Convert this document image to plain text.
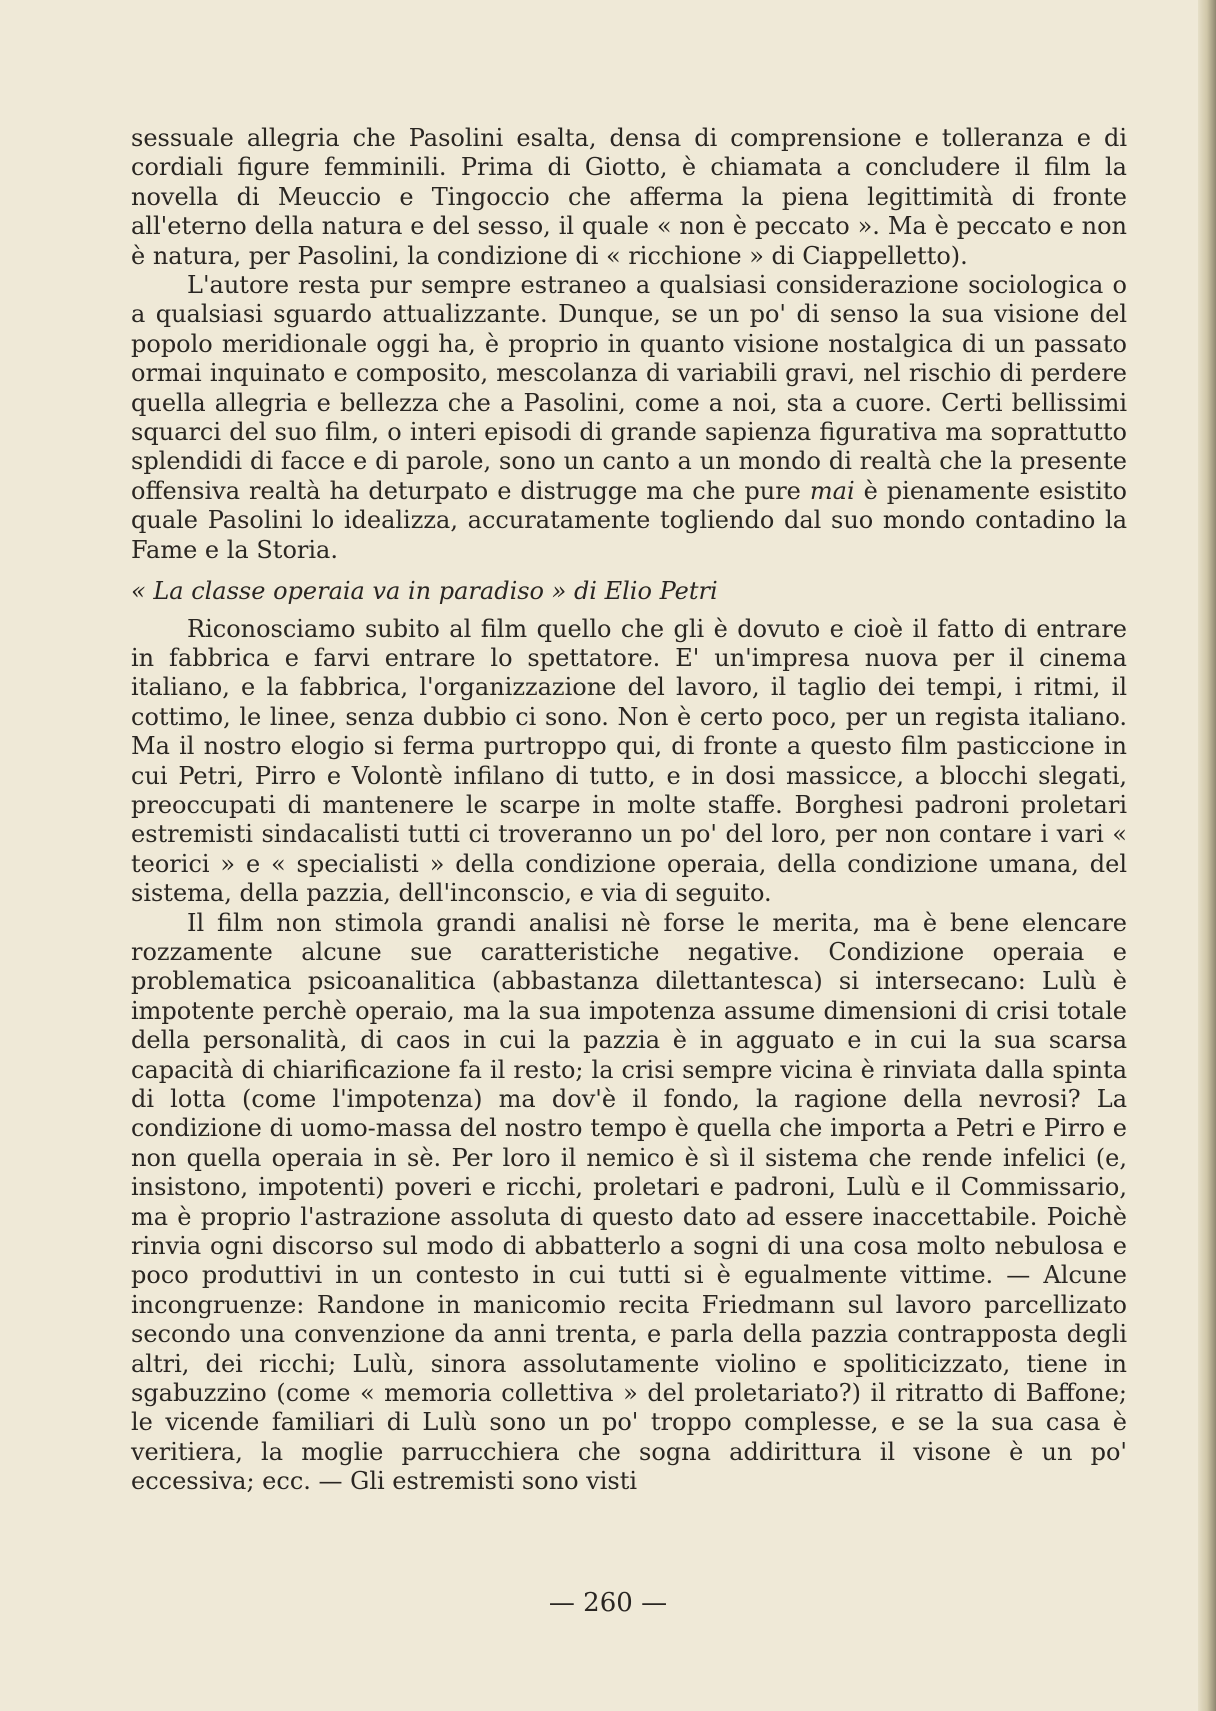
sessuale allegria che Pasolini esalta, densa di comprensione e tolleranza e di cordiali figure femminili. Prima di Giotto, è chiamata a concludere il film la novella di Meuccio e Tingoccio che afferma la piena legittimità di fronte all'eterno della natura e del sesso, il quale « non è peccato ». Ma è peccato e non è natura, per Pasolini, la condizione di « ricchione » di Ciappelletto).

L'autore resta pur sempre estraneo a qualsiasi considerazione sociologica o a qualsiasi sguardo attualizzante. Dunque, se un po' di senso la sua visione del popolo meridionale oggi ha, è proprio in quanto visione nostalgica di un passato ormai inquinato e composito, mescolanza di variabili gravi, nel rischio di perdere quella allegria e bellezza che a Pasolini, come a noi, sta a cuore. Certi bellissimi squarci del suo film, o interi episodi di grande sapienza figurativa ma soprattutto splendidi di facce e di parole, sono un canto a un mondo di realtà che la presente offensiva realtà ha deturpato e distrugge ma che pure mai è pienamente esistito quale Pasolini lo idealizza, accuratamente togliendo dal suo mondo contadino la Fame e la Storia.

« La classe operaia va in paradiso » di Elio Petri

Riconosciamo subito al film quello che gli è dovuto e cioè il fatto di entrare in fabbrica e farvi entrare lo spettatore. E' un'impresa nuova per il cinema italiano, e la fabbrica, l'organizzazione del lavoro, il taglio dei tempi, i ritmi, il cottimo, le linee, senza dubbio ci sono. Non è certo poco, per un regista italiano. Ma il nostro elogio si ferma purtroppo qui, di fronte a questo film pasticcione in cui Petri, Pirro e Volontè infilano di tutto, e in dosi massicce, a blocchi slegati, preoccupati di mantenere le scarpe in molte staffe. Borghesi padroni proletari estremisti sindacalisti tutti ci troveranno un po' del loro, per non contare i vari « teorici » e « specialisti » della condizione operaia, della condizione umana, del sistema, della pazzia, dell'inconscio, e via di seguito.

Il film non stimola grandi analisi nè forse le merita, ma è bene elencare rozzamente alcune sue caratteristiche negative. Condizione operaia e problematica psicoanalitica (abbastanza dilettantesca) si intersecano: Lulù è impotente perchè operaio, ma la sua impotenza assume dimensioni di crisi totale della personalità, di caos in cui la pazzia è in agguato e in cui la sua scarsa capacità di chiarificazione fa il resto; la crisi sempre vicina è rinviata dalla spinta di lotta (come l'impotenza) ma dov'è il fondo, la ragione della nevrosi? La condizione di uomo-massa del nostro tempo è quella che importa a Petri e Pirro e non quella operaia in sè. Per loro il nemico è sì il sistema che rende infelici (e, insistono, impotenti) poveri e ricchi, proletari e padroni, Lulù e il Commissario, ma è proprio l'astrazione assoluta di questo dato ad essere inaccettabile. Poichè rinvia ogni discorso sul modo di abbatterlo a sogni di una cosa molto nebulosa e poco produttivi in un contesto in cui tutti si è egualmente vittime. — Alcune incongruenze: Randone in manicomio recita Friedmann sul lavoro parcellizato secondo una convenzione da anni trenta, e parla della pazzia contrapposta degli altri, dei ricchi; Lulù, sinora assolutamente violino e spoliticizzato, tiene in sgabuzzino (come « memoria collettiva » del proletariato?) il ritratto di Baffone; le vicende familiari di Lulù sono un po' troppo complesse, e se la sua casa è veritiera, la moglie parrucchiera che sogna addirittura il visone è un po' eccessiva; ecc. — Gli estremisti sono visti

— 260 —
